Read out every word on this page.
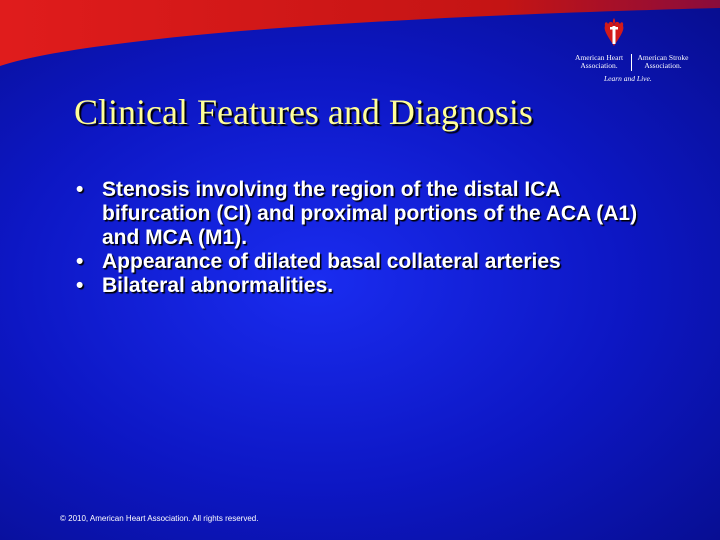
American Heart Association.
American Stroke Association.
Learn and Live.
Clinical Features and Diagnosis
• Stenosis involving the region of the distal ICA bifurcation (CI) and proximal portions of the ACA (A1) and MCA (M1).
• Appearance of dilated basal collateral arteries
• Bilateral abnormalities.
© 2010, American Heart Association. All rights reserved.
